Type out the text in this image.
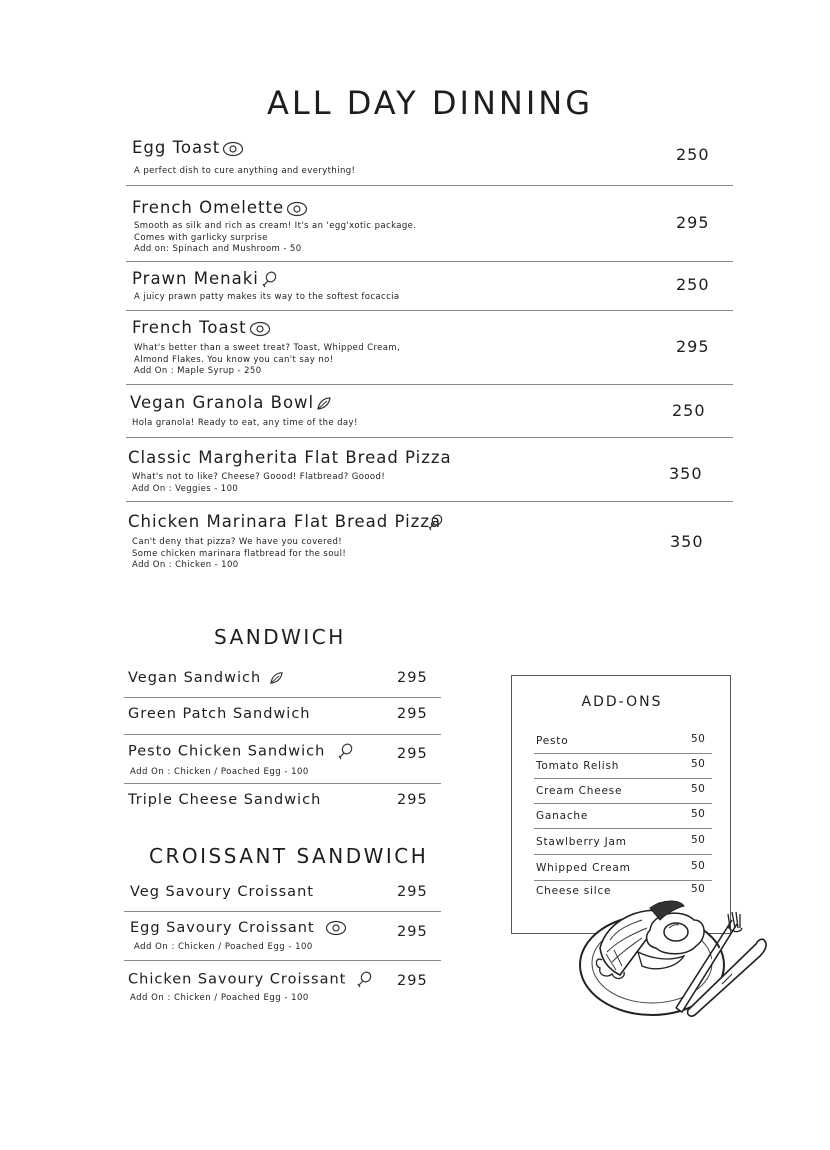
ALL DAY DINNING
Egg Toast
A perfect dish to cure anything and everything!
250
French Omelette
Smooth as silk and rich as cream! It's an 'egg'xotic package.
Comes with garlicky surprise
Add on: Spinach and Mushroom - 50
295
Prawn Menaki
A juicy prawn patty makes its way to the softest focaccia
250
French Toast
What's better than a sweet treat? Toast, Whipped Cream,
Almond Flakes. You know you can't say no!
Add On : Maple Syrup - 250
295
Vegan Granola Bowl
Hola granola! Ready to eat, any time of the day!
250
Classic Margherita Flat Bread Pizza
What's not to like? Cheese? Goood! Flatbread? Goood!
Add On : Veggies - 100
350
Chicken Marinara Flat Bread Pizza
Can't deny that pizza? We have you covered!
Some chicken marinara flatbread for the soul!
Add On : Chicken - 100
350
SANDWICH
Vegan Sandwich	295
Green Patch Sandwich	295
Pesto Chicken Sandwich
Add On : Chicken / Poached Egg - 100
295
Triple Cheese Sandwich	295
CROISSANT SANDWICH
Veg Savoury Croissant	295
Egg Savoury Croissant
Add On : Chicken / Poached Egg - 100
295
Chicken Savoury Croissant
Add On : Chicken / Poached Egg - 100
295
ADD-ONS
Pesto	50
Tomato Relish	50
Cream Cheese	50
Ganache	50
Stawlberry Jam	50
Whipped Cream	50
Cheese silce	50
